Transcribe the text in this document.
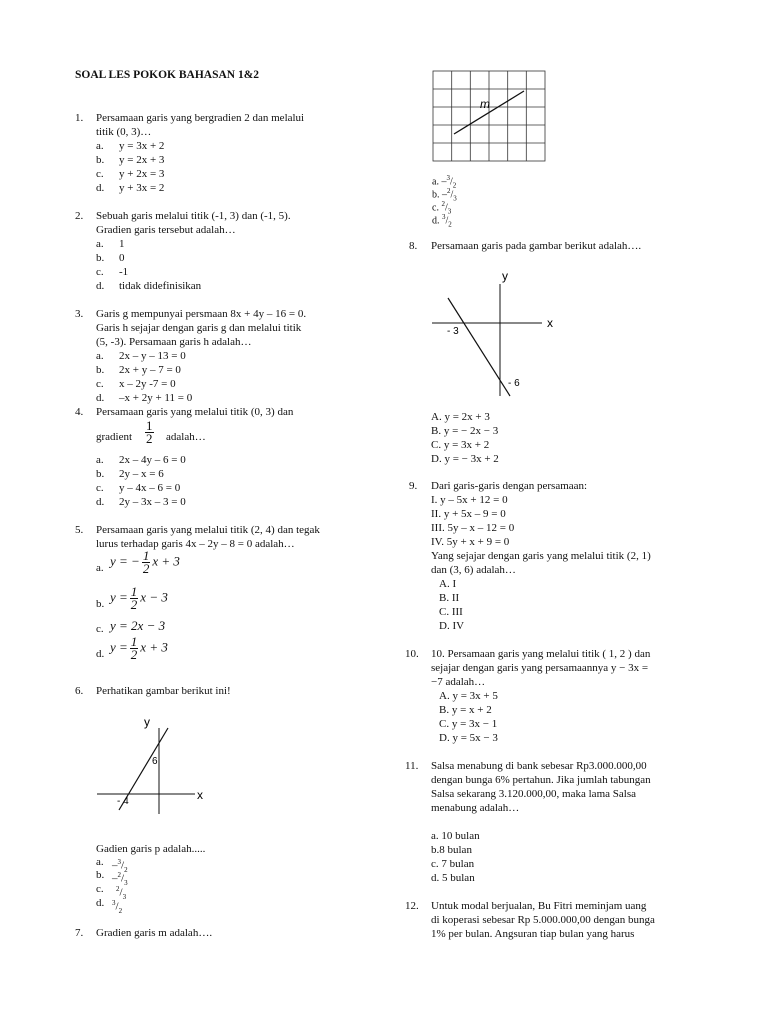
SOAL LES POKOK BAHASAN 1&2
1. Persamaan garis yang bergradien 2 dan melalui
titik (0, 3)…
a. y = 3x + 2
b. y = 2x + 3
c. y + 2x = 3
d. y + 3x = 2
2. Sebuah garis melalui titik (-1, 3) dan (-1, 5).
Gradien garis tersebut adalah…
a. 1
b. 0
c. -1
d. tidak didefinisikan
3. Garis g mempunyai persmaan 8x + 4y – 16 = 0.
Garis h sejajar dengan garis g dan melalui titik
(5, -3). Persamaan garis h adalah…
a. 2x – y – 13 = 0
b. 2x + y – 7 = 0
c. x – 2y -7 = 0
d. –x + 2y + 11 = 0
4. Persamaan garis yang melalui titik (0, 3) dan
gradient $\frac{1}{2}$ adalah…
a. 2x – 4y – 6 = 0
b. 2y – x = 6
c. y – 4x – 6 = 0
d. 2y – 3x – 3 = 0
5. Persamaan garis yang melalui titik (2, 4) dan tegak
lurus terhadap garis 4x – 2y – 8 = 0 adalah…
a. y = − $\frac{1}{2}$ x + 3
b. $y = \frac{1}{2}$ x − 3
c. y = 2x − 3
d. $y = \frac{1}{2}$ x + 3
6. Perhatikan gambar berikut ini!
y
x
6
- 4
Gadien garis p adalah.....
a. $-^3/_2$
b. $-^2/_3$
c. $^2/_3$
d. $^3/_2$
7. Gradien garis m adalah….
m
a. $-^3/_2$
b. $-^2/_3$
c. $^2/_3$
d. $^3/_2$
8. Persamaan garis pada gambar berikut adalah….
y
x
- 3
- 6
A. y = 2x + 3
B. y = − 2x − 3
C. y = 3x + 2
D. y = − 3x + 2
9. Dari garis-garis dengan persamaan:
I. y – 5x + 12 = 0
II. y + 5x – 9 = 0
III. 5y – x – 12 = 0
IV. 5y + x + 9 = 0
Yang sejajar dengan garis yang melalui titik (2, 1)
dan (3, 6) adalah…
A. I
B. II
C. III
D. IV
10. 10. Persamaan garis yang melalui titik ( 1, 2 ) dan
sejajar dengan garis yang persamaannya y − 3x =
−7 adalah…
A. y = 3x + 5
B. y = x + 2
C. y = 3x − 1
D. y = 5x − 3
11. Salsa menabung di bank sebesar Rp3.000.000,00
dengan bunga 6% pertahun. Jika jumlah tabungan
Salsa sekarang 3.120.000,00, maka lama Salsa
menabung adalah…
a. 10 bulan
b.8 bulan
c. 7 bulan
d. 5 bulan
12. Untuk modal berjualan, Bu Fitri meminjam uang
di koperasi sebesar Rp 5.000.000,00 dengan bunga
1% per bulan. Angsuran tiap bulan yang harus
